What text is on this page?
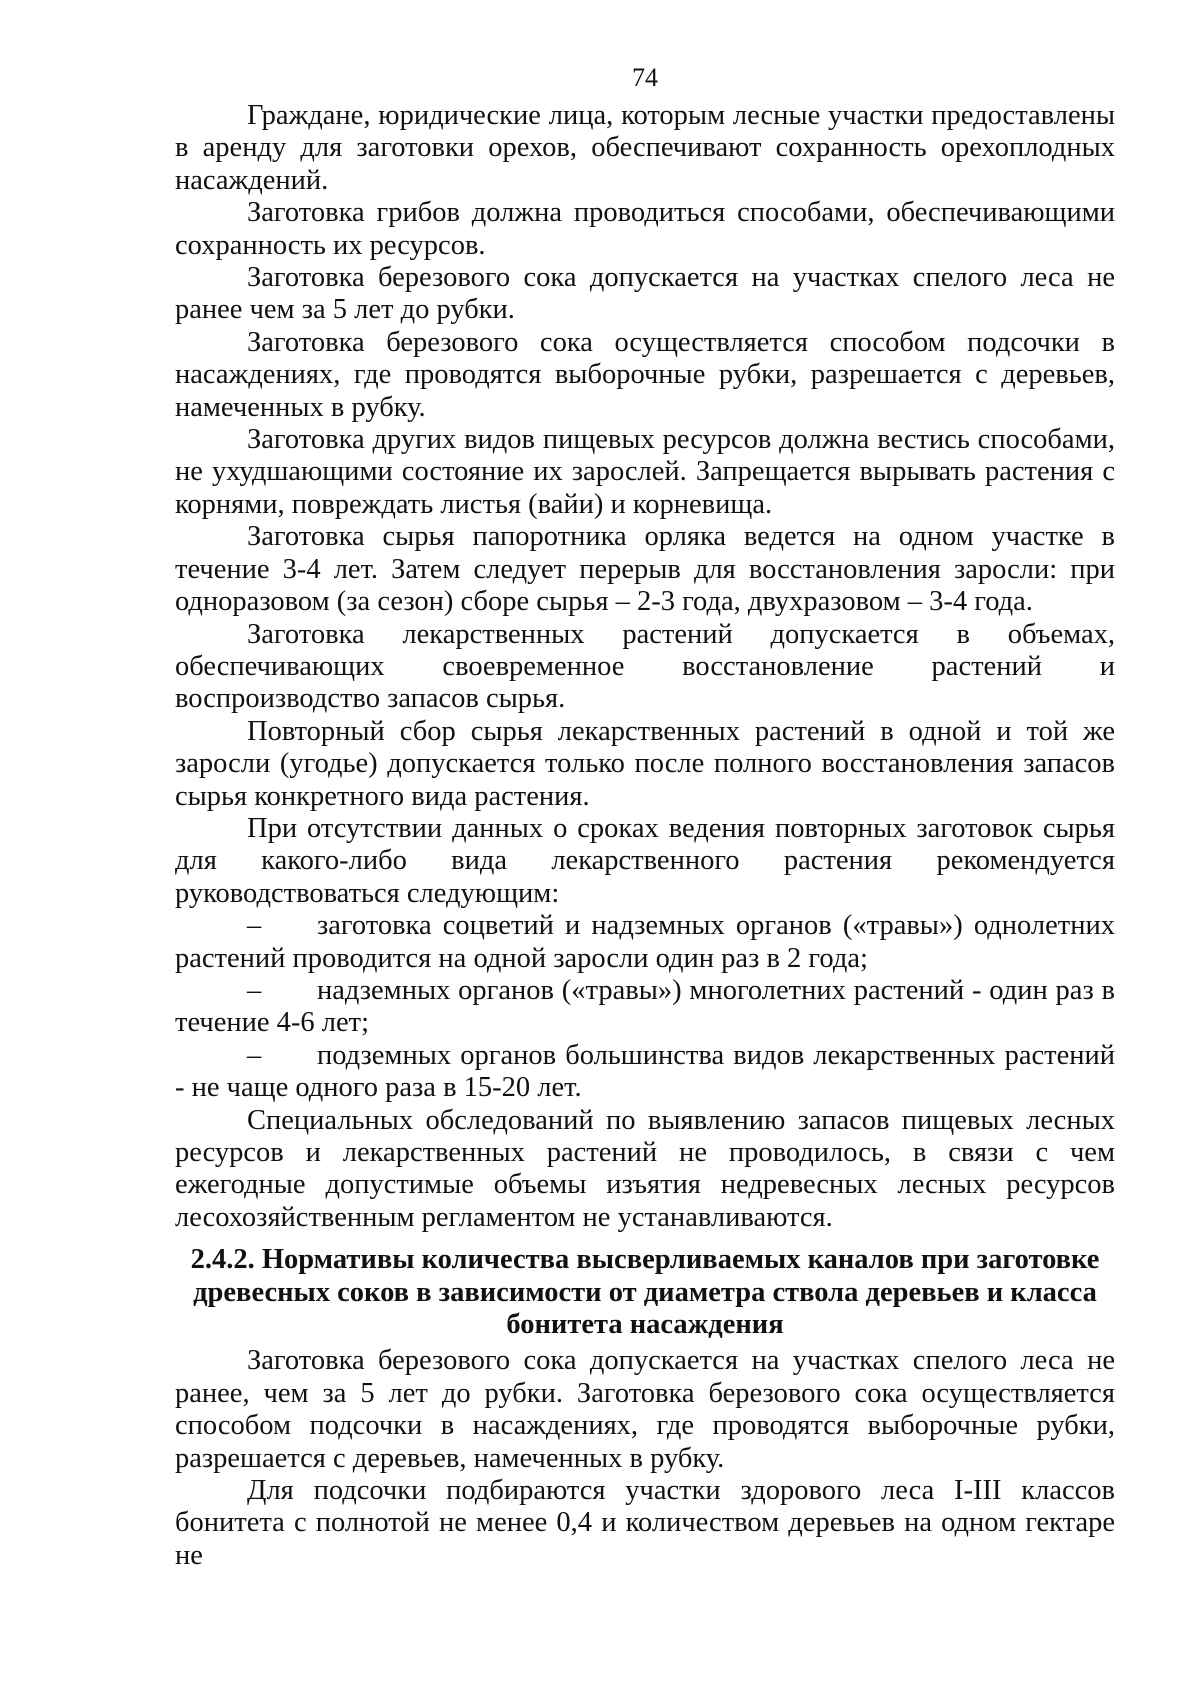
74

Граждане, юридические лица, которым лесные участки предоставлены в аренду для заготовки орехов, обеспечивают сохранность орехоплодных насаждений.

Заготовка грибов должна проводиться способами, обеспечивающими сохранность их ресурсов.

Заготовка березового сока допускается на участках спелого леса не ранее чем за 5 лет до рубки.

Заготовка березового сока осуществляется способом подсочки в насаждениях, где проводятся выборочные рубки, разрешается с деревьев, намеченных в рубку.

Заготовка других видов пищевых ресурсов должна вестись способами, не ухудшающими состояние их зарослей. Запрещается вырывать растения с корнями, повреждать листья (вайи) и корневища.

Заготовка сырья папоротника орляка ведется на одном участке в течение 3-4 лет. Затем следует перерыв для восстановления заросли: при одноразовом (за сезон) сборе сырья – 2-3 года, двухразовом – 3-4 года.

Заготовка лекарственных растений допускается в объемах, обеспечивающих своевременное восстановление растений и воспроизводство запасов сырья.

Повторный сбор сырья лекарственных растений в одной и той же заросли (угодье) допускается только после полного восстановления запасов сырья конкретного вида растения.

При отсутствии данных о сроках ведения повторных заготовок сырья для какого-либо вида лекарственного растения рекомендуется руководствоваться следующим:

– заготовка соцветий и надземных органов («травы») однолетних растений проводится на одной заросли один раз в 2 года;

– надземных органов («травы») многолетних растений - один раз в течение 4-6 лет;

– подземных органов большинства видов лекарственных растений - не чаще одного раза в 15-20 лет.

Специальных обследований по выявлению запасов пищевых лесных ресурсов и лекарственных растений не проводилось, в связи с чем ежегодные допустимые объемы изъятия недревесных лесных ресурсов лесохозяйственным регламентом не устанавливаются.

2.4.2. Нормативы количества высверливаемых каналов при заготовке древесных соков в зависимости от диаметра ствола деревьев и класса бонитета насаждения

Заготовка березового сока допускается на участках спелого леса не ранее, чем за 5 лет до рубки. Заготовка березового сока осуществляется способом подсочки в насаждениях, где проводятся выборочные рубки, разрешается с деревьев, намеченных в рубку.

Для подсочки подбираются участки здорового леса I-III классов бонитета с полнотой не менее 0,4 и количеством деревьев на одном гектаре не
